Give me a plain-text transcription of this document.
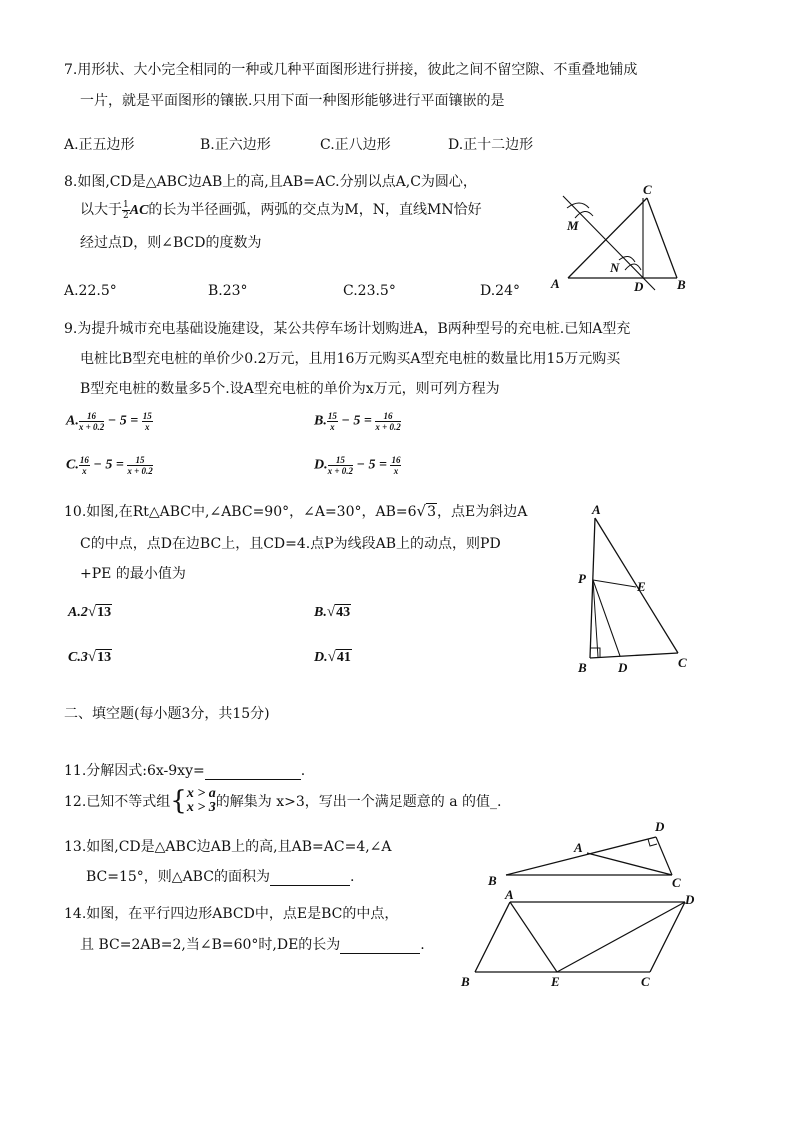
7.用形状、大小完全相同的一种或几种平面图形进行拼接，彼此之间不留空隙、不重叠地铺成
一片，就是平面图形的镶嵌.只用下面一种图形能够进行平面镶嵌的是
A.正五边形	B.正六边形	C.正八边形	D.正十二边形
8.如图,CD是△ABC边AB上的高,且AB=AC.分别以点A,C为圆心，
以大于 $\frac{1}{2}$ AC的长为半径画弧，两弧的交点为M，N，直线MN恰好
经过点D，则∠BCD的度数为
A.22.5°	B.23°	C.23.5°	D.24°
C
M
N
A	D	B
9.为提升城市充电基础设施建设，某公共停车场计划购进A，B两种型号的充电桩.已知A型充
电桩比B型充电桩的单价少0.2万元，且用16万元购买A型充电桩的数量比用15万元购买
B型充电桩的数量多5个.设A型充电桩的单价为x万元，则可列方程为
A. $\frac{16}{x + 0.2} - 5 = \frac{15}{x}$	B. $\frac{15}{x} - 5 = \frac{16}{x + 0.2}$
C. $\frac{16}{x} - 5 = \frac{15}{x + 0.2}$	D. $\frac{15}{x + 0.2} - 5 = \frac{16}{x}$
10.如图,在Rt△ABC中,∠ABC=90°，∠A=30°，AB=6√3，点E为斜边A
C的中点，点D在边BC上，且CD=4.点P为线段AB上的动点，则PD
+PE 的最小值为
A.2√13	B.√43
C.3√13	D.√41
A
P
E
B D	C
二、填空题(每小题3分，共15分)
11.分解因式:6x-9xy=	.
12.已知不等式组{ x > a
x > 3 的解集为 x>3，写出一个满足题意的 a 的值_.
13.如图,CD是△ABC边AB上的高,且AB=AC=4,∠A
BC=15°，则△ABC的面积为	.
D
A
B	C
14.如图，在平行四边形ABCD中，点E是BC的中点，
且 BC=2AB=2,当∠B=60°时,DE的长为	.
A	D
B	E	C
